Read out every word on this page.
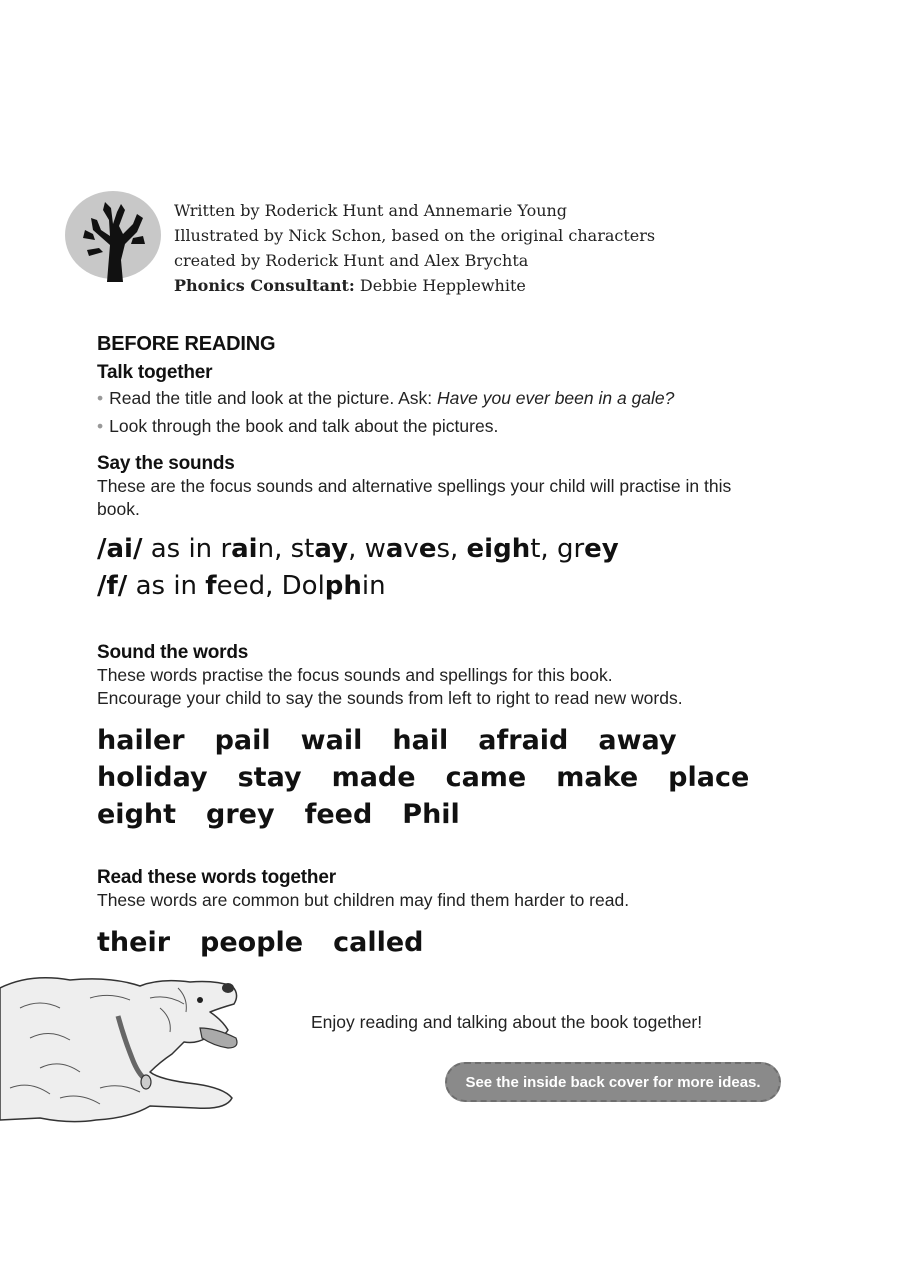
Written by Roderick Hunt and Annemarie Young
Illustrated by Nick Schon, based on the original characters
created by Roderick Hunt and Alex Brychta
Phonics Consultant: Debbie Hepplewhite
BEFORE READING
Talk together

• Read the title and look at the picture. Ask: Have you ever been in a gale?

• Look through the book and talk about the pictures.

Say the sounds

These are the focus sounds and alternative spellings your child will practise in this book.

/ai/ as in rain, stay, waves, eight, grey
/f/ as in feed, Dolphin
Sound the words

These words practise the focus sounds and spellings for this book.

Encourage your child to say the sounds from left to right to read new words.

hailer pail wail hail afraid away
holiday stay made came make place
eight grey feed Phil
Read these words together

These words are common but children may find them harder to read.

their people called
Enjoy reading and talking about the book together!
See the inside back cover for more ideas.
